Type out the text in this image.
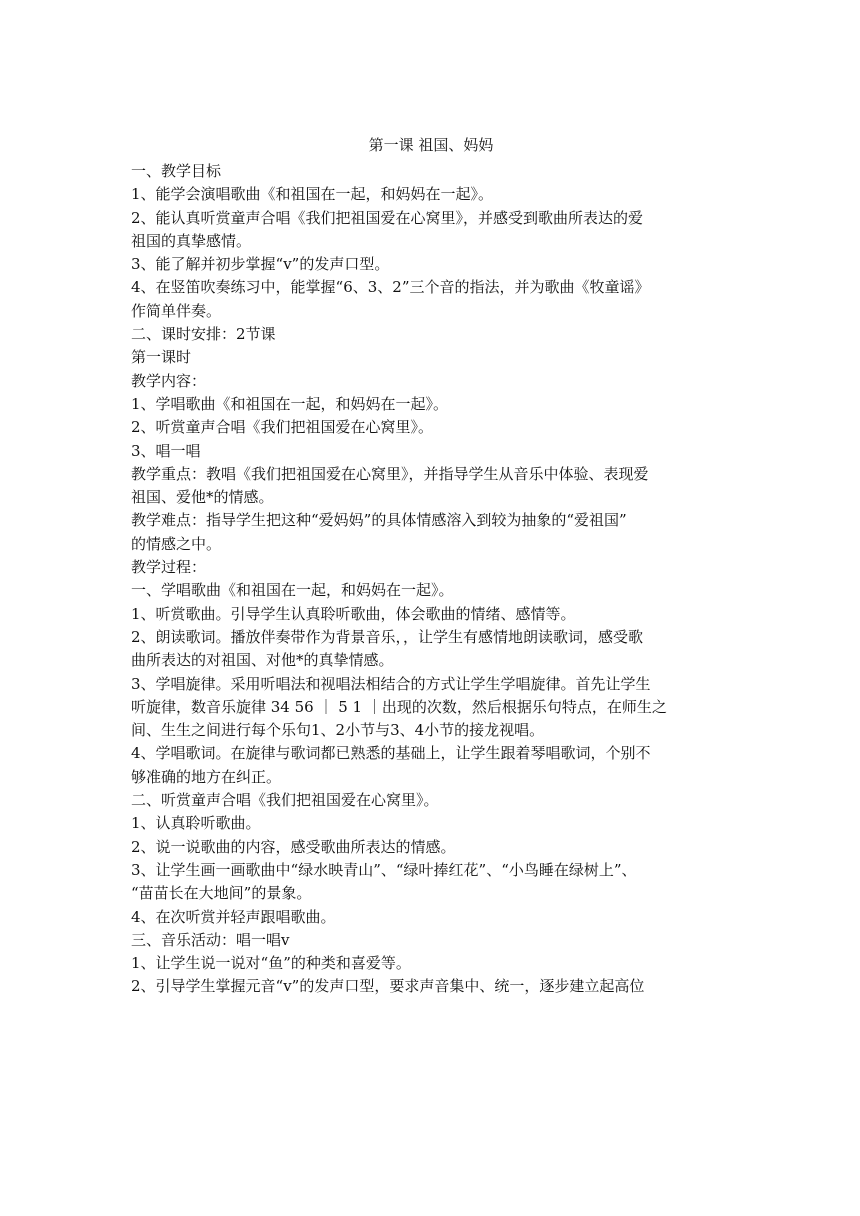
第一课 祖国、妈妈

一、教学目标

1、能学会演唱歌曲《和祖国在一起，和妈妈在一起》。

2、能认真听赏童声合唱《我们把祖国爱在心窝里》，并感受到歌曲所表达的爱

祖国的真挚感情。

3、能了解并初步掌握“v”的发声口型。

4、在竖笛吹奏练习中，能掌握“6、3、2”三个音的指法，并为歌曲《牧童谣》

作简单伴奏。

二、课时安排：2节课

第一课时

教学内容：

1、学唱歌曲《和祖国在一起，和妈妈在一起》。

2、听赏童声合唱《我们把祖国爱在心窝里》。

3、唱一唱

教学重点：教唱《我们把祖国爱在心窝里》，并指导学生从音乐中体验、表现爱

祖国、爱他*的情感。

教学难点：指导学生把这种“爱妈妈”的具体情感溶入到较为抽象的“爱祖国”

的情感之中。

教学过程：

一、学唱歌曲《和祖国在一起，和妈妈在一起》。

1、听赏歌曲。引导学生认真聆听歌曲，体会歌曲的情绪、感情等。

2、朗读歌词。播放伴奏带作为背景音乐，，让学生有感情地朗读歌词，感受歌

曲所表达的对祖国、对他*的真挚情感。

3、学唱旋律。采用听唱法和视唱法相结合的方式让学生学唱旋律。首先让学生

听旋律，数音乐旋律 34 56 ｜ 5 1 ｜出现的次数，然后根据乐句特点，在师生之

间、生生之间进行每个乐句1、2小节与3、4小节的接龙视唱。

4、学唱歌词。在旋律与歌词都已熟悉的基础上，让学生跟着琴唱歌词，个别不

够准确的地方在纠正。

二、听赏童声合唱《我们把祖国爱在心窝里》。

1、认真聆听歌曲。

2、说一说歌曲的内容，感受歌曲所表达的情感。

3、让学生画一画歌曲中“绿水映青山”、“绿叶捧红花”、“小鸟睡在绿树上”、

“苗苗长在大地间”的景象。

4、在次听赏并轻声跟唱歌曲。

三、音乐活动：唱一唱v

1、让学生说一说对“鱼”的种类和喜爱等。

2、引导学生掌握元音“v”的发声口型，要求声音集中、统一，逐步建立起高位
